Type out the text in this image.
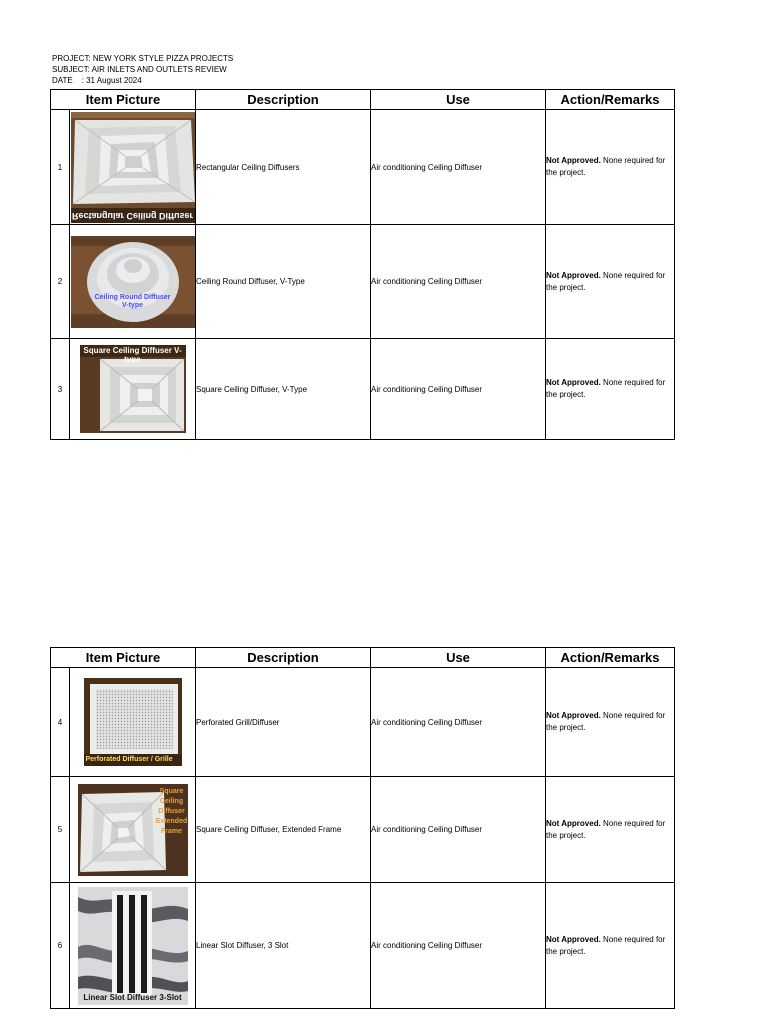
PROJECT: NEW YORK STYLE PIZZA PROJECTS
SUBJECT: AIR INLETS AND OUTLETS REVIEW
DATE    : 31 August 2024
Item Picture		Description	Use	Action/Remarks
1	Rectangular Ceiling Diffuser	Rectangular Ceiling Diffusers	Air conditioning Ceiling Diffuser	Not Approved. None required for the project.
2	Ceiling Round Diffuser
V-type	Ceiling Round Diffuser, V-Type	Air conditioning Ceiling Diffuser	Not Approved. None required for the project.
3	Square Ceiling Diffuser V-type	Square Ceiling Diffuser, V-Type	Air conditioning Ceiling Diffuser	Not Approved. None required for the project.
Item Picture		Description	Use	Action/Remarks
4	Perforated Diffuser / Grille	Perforated Grill/Diffuser	Air conditioning Ceiling Diffuser	Not Approved. None required for the project.
5	Square
Ceiling
Diffuser
Extended
Frame	Square Ceiling Diffuser, Extended Frame	Air conditioning Ceiling Diffuser	Not Approved. None required for the project.
6	Linear Slot Diffuser 3-Slot	Linear Slot Diffuser, 3 Slot	Air conditioning Ceiling Diffuser	Not Approved. None required for the project.
